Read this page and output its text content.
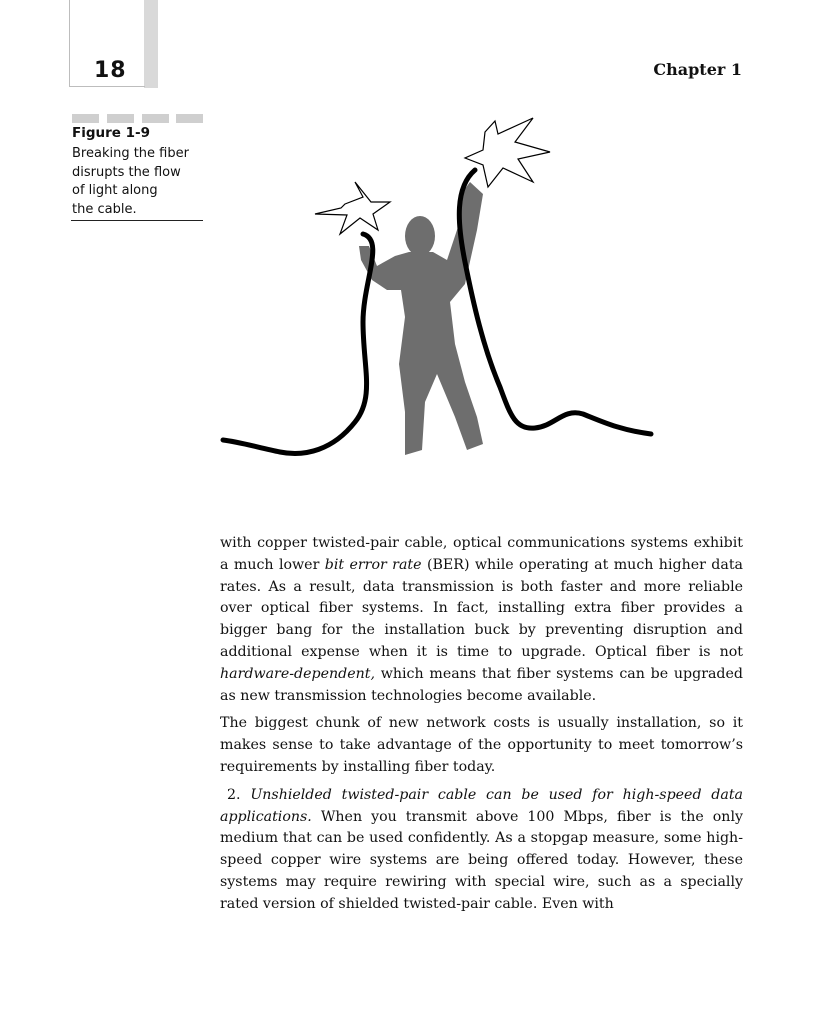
18	Chapter 1
Figure 1-9
Breaking the fiber
disrupts the flow
of light along
the cable.

with copper twisted-pair cable, optical communications systems exhibit a much lower bit error rate (BER) while operating at much higher data rates. As a result, data transmission is both faster and more reliable over optical fiber systems. In fact, installing extra fiber provides a bigger bang for the installation buck by preventing disruption and additional expense when it is time to upgrade. Optical fiber is not hardware-dependent, which means that fiber systems can be upgraded as new transmission technologies become available.

The biggest chunk of new network costs is usually installation, so it makes sense to take advantage of the opportunity to meet tomorrow’s requirements by installing fiber today.

2. Unshielded twisted-pair cable can be used for high-speed data applications. When you transmit above 100 Mbps, fiber is the only medium that can be used confidently. As a stopgap measure, some high-speed copper wire systems are being offered today. However, these systems may require rewiring with special wire, such as a specially rated version of shielded twisted-pair cable. Even with
